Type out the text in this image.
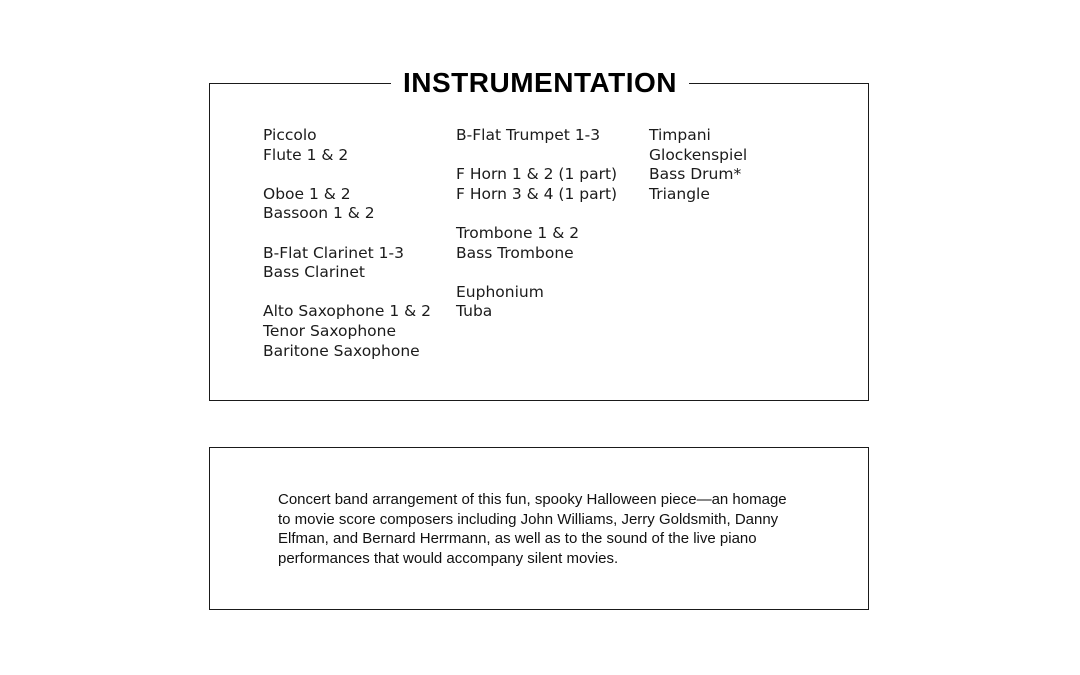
INSTRUMENTATION
Piccolo
Flute 1 & 2
Oboe 1 & 2
Bassoon 1 & 2
B-Flat Clarinet 1-3
Bass Clarinet
Alto Saxophone 1 & 2
Tenor Saxophone
Baritone Saxophone
B-Flat Trumpet 1-3
F Horn 1 & 2 (1 part)
F Horn 3 & 4 (1 part)
Trombone 1 & 2
Bass Trombone
Euphonium
Tuba
Timpani
Glockenspiel
Bass Drum*
Triangle
Concert band arrangement of this fun, spooky Halloween piece—an homage
to movie score composers including John Williams, Jerry Goldsmith, Danny
Elfman, and Bernard Herrmann, as well as to the sound of the live piano
performances that would accompany silent movies.
